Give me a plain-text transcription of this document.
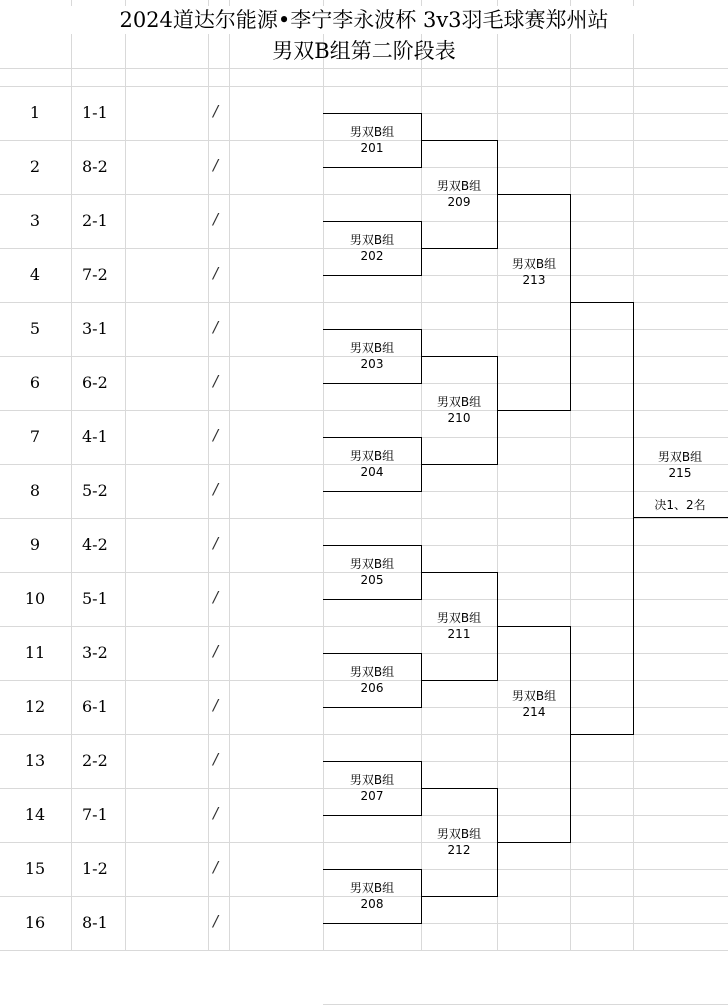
2024道达尔能源•李宁李永波杯 3v3羽毛球赛郑州站
男双B组第二阶段表
1	1-1	/
2	8-2	/
3	2-1	/
4	7-2	/
5	3-1	/
6	6-2	/
7	4-1	/
8	5-2	/
9	4-2	/
10	5-1	/
11	3-2	/
12	6-1	/
13	2-2	/
14	7-1	/
15	1-2	/
16	8-1	/
男双B组
201
男双B组
202
男双B组
203
男双B组
204
男双B组
205
男双B组
206
男双B组
207
男双B组
208
男双B组
209
男双B组
210
男双B组
211
男双B组
212
男双B组
213
男双B组
214
男双B组
215
决1、2名
